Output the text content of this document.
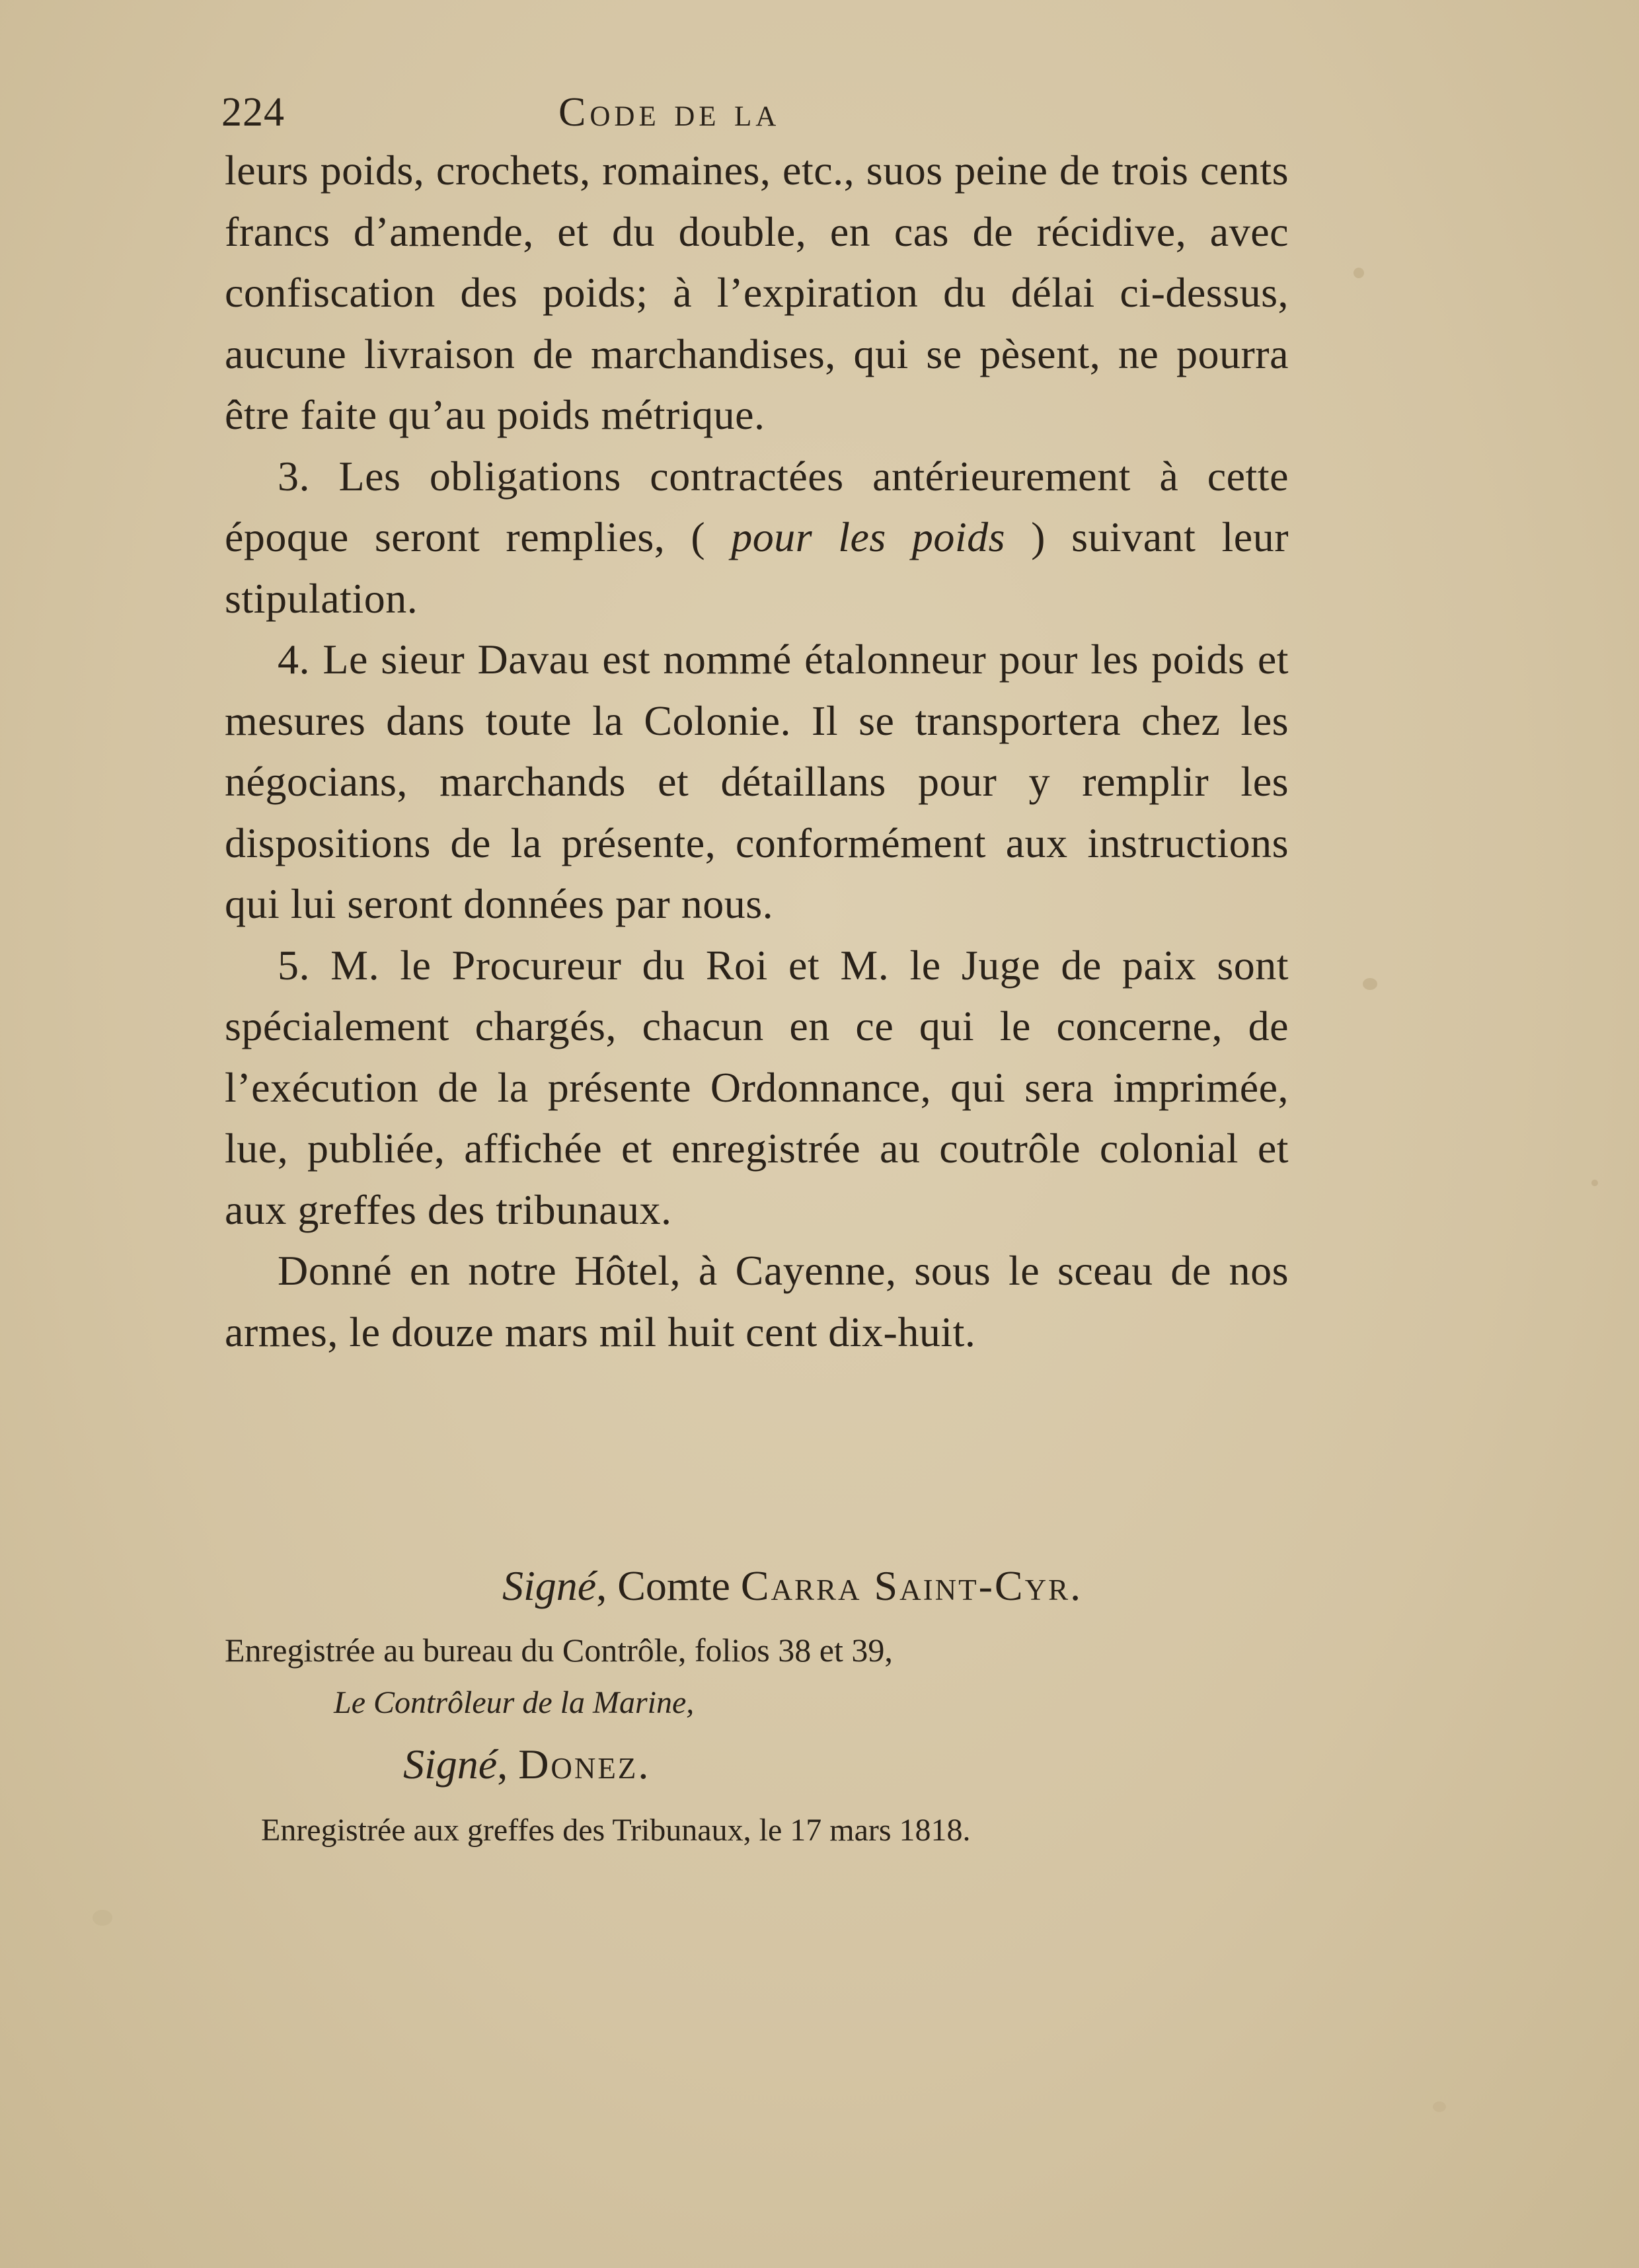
224	Code de la

leurs poids, crochets, romaines, etc., suos peine de trois cents francs d’amende, et du double, en cas de récidive, avec confiscation des poids; à l’expiration du délai ci-dessus, aucune livraison de marchandises, qui se pèsent, ne pourra être faite qu’au poids métrique.

3. Les obligations contractées antérieurement à cette époque seront remplies, ( pour les poids ) suivant leur stipulation.

4. Le sieur Davau est nommé étalonneur pour les poids et mesures dans toute la Colonie. Il se transportera chez les négocians, marchands et détaillans pour y remplir les dispositions de la présente, conformément aux instructions qui lui seront données par nous.

5. M. le Procureur du Roi et M. le Juge de paix sont spécialement chargés, chacun en ce qui le concerne, de l’exécution de la présente Ordonnance, qui sera imprimée, lue, publiée, affichée et enregistrée au coutrôle colonial et aux greffes des tribunaux.

Donné en notre Hôtel, à Cayenne, sous le sceau de nos armes, le douze mars mil huit cent dix-huit.

Signé, Comte Carra Saint-Cyr.
Enregistrée au bureau du Contrôle, folios 38 et 39,
Le Contrôleur de la Marine,
Signé, Donez.
Enregistrée aux greffes des Tribunaux, le 17 mars 1818.
